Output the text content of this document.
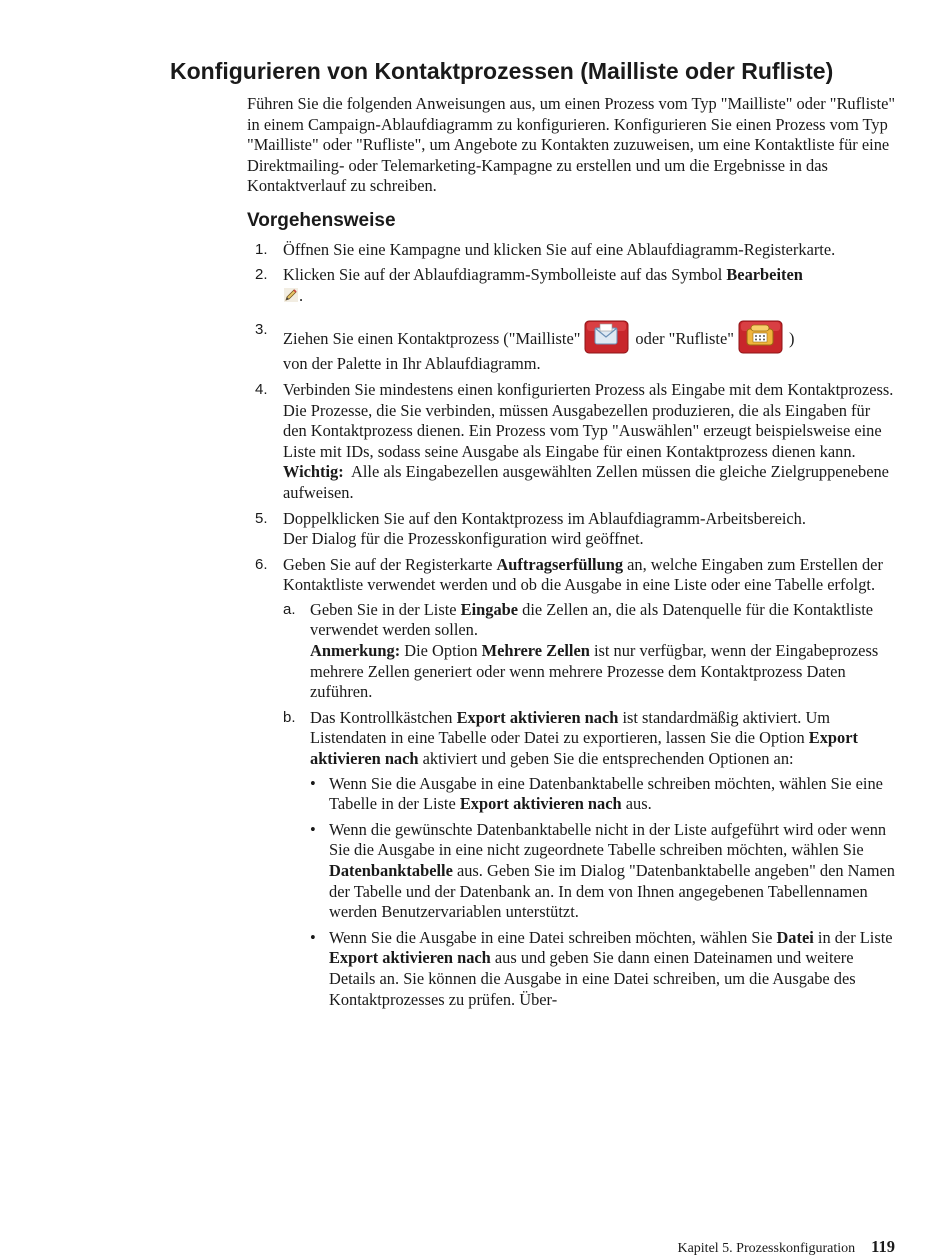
Konfigurieren von Kontaktprozessen (Mailliste oder Rufliste)

Führen Sie die folgenden Anweisungen aus, um einen Prozess vom Typ "Mailliste" oder "Rufliste" in einem Campaign-Ablaufdiagramm zu konfigurieren. Konfigurieren Sie einen Prozess vom Typ "Mailliste" oder "Rufliste", um Angebote zu Kontakten zuzuweisen, um eine Kontaktliste für eine Direktmailing- oder Telemarketing-Kampagne zu erstellen und um die Ergebnisse in das Kontaktverlauf zu schreiben.

Vorgehensweise
1. Öffnen Sie eine Kampagne und klicken Sie auf eine Ablaufdiagramm-Registerkarte.
2. Klicken Sie auf der Ablaufdiagramm-Symbolleiste auf das Symbol Bearbeiten
.
3. Ziehen Sie einen Kontaktprozess ("Mailliste"	oder "Rufliste"	)
von der Palette in Ihr Ablaufdiagramm.
4. Verbinden Sie mindestens einen konfigurierten Prozess als Eingabe mit dem Kontaktprozess.

Die Prozesse, die Sie verbinden, müssen Ausgabezellen produzieren, die als Eingaben für den Kontaktprozess dienen. Ein Prozess vom Typ "Auswählen" erzeugt beispielsweise eine Liste mit IDs, sodass seine Ausgabe als Eingabe für einen Kontaktprozess dienen kann.

Wichtig: Alle als Eingabezellen ausgewählten Zellen müssen die gleiche Zielgruppenebene aufweisen.

5. Doppelklicken Sie auf den Kontaktprozess im Ablaufdiagramm-Arbeitsbereich.

Der Dialog für die Prozesskonfiguration wird geöffnet.

6. Geben Sie auf der Registerkarte Auftragserfüllung an, welche Eingaben zum Erstellen der Kontaktliste verwendet werden und ob die Ausgabe in eine Liste oder eine Tabelle erfolgt.
a. Geben Sie in der Liste Eingabe die Zellen an, die als Datenquelle für die Kontaktliste verwendet werden sollen.

Anmerkung: Die Option Mehrere Zellen ist nur verfügbar, wenn der Eingabeprozess mehrere Zellen generiert oder wenn mehrere Prozesse dem Kontaktprozess Daten zuführen.

b. Das Kontrollkästchen Export aktivieren nach ist standardmäßig aktiviert. Um Listendaten in eine Tabelle oder Datei zu exportieren, lassen Sie die Option Export aktivieren nach aktiviert und geben Sie die entsprechenden Optionen an:
• Wenn Sie die Ausgabe in eine Datenbanktabelle schreiben möchten, wählen Sie eine Tabelle in der Liste Export aktivieren nach aus.
• Wenn die gewünschte Datenbanktabelle nicht in der Liste aufgeführt wird oder wenn Sie die Ausgabe in eine nicht zugeordnete Tabelle schreiben möchten, wählen Sie Datenbanktabelle aus. Geben Sie im Dialog "Datenbanktabelle angeben" den Namen der Tabelle und der Datenbank an. In dem von Ihnen angegebenen Tabellennamen werden Benutzervariablen unterstützt.
• Wenn Sie die Ausgabe in eine Datei schreiben möchten, wählen Sie Datei in der Liste Export aktivieren nach aus und geben Sie dann einen Dateinamen und weitere Details an. Sie können die Ausgabe in eine Datei schreiben, um die Ausgabe des Kontaktprozesses zu prüfen. Über-
Kapitel 5. Prozesskonfiguration 119
